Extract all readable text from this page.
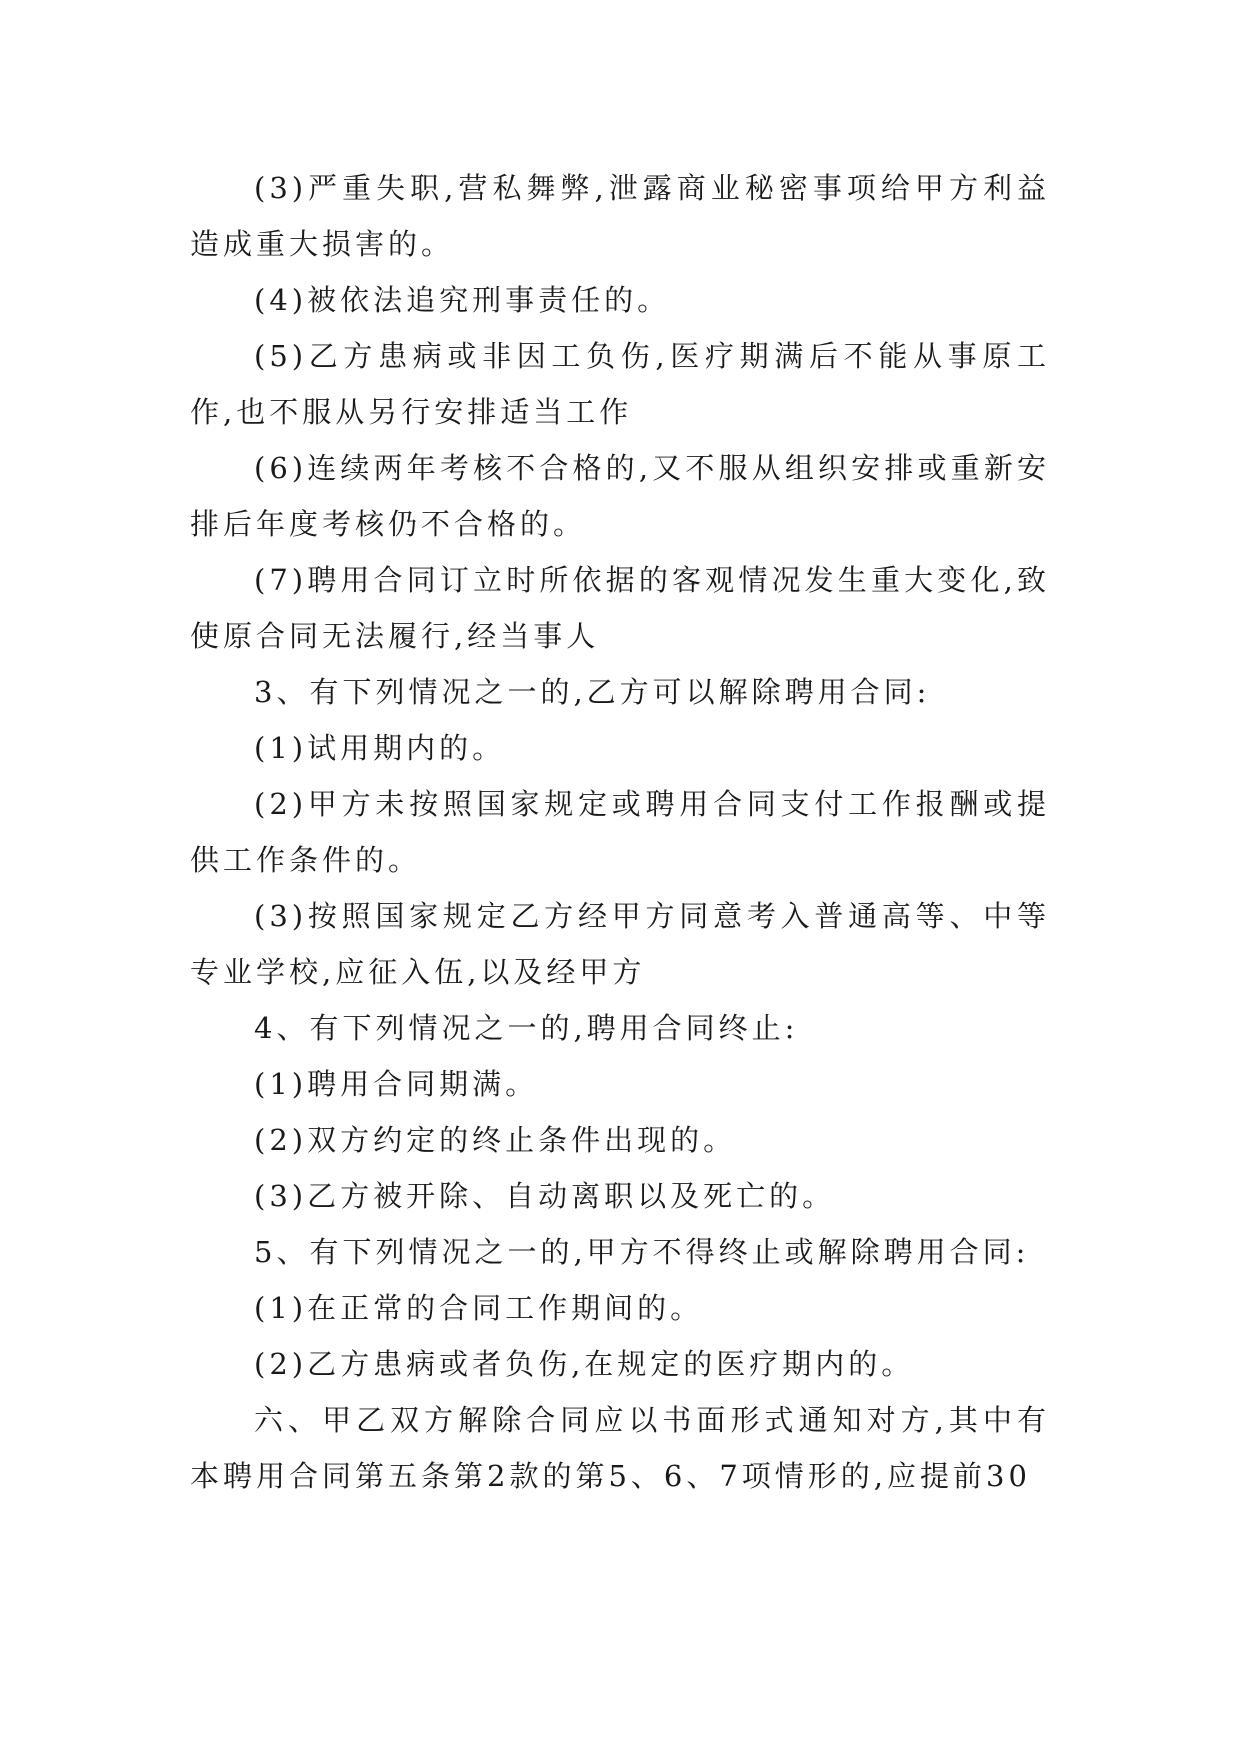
(3)严重失职,营私舞弊,泄露商业秘密事项给甲方利益造成重大损害的。

(4)被依法追究刑事责任的。

(5)乙方患病或非因工负伤,医疗期满后不能从事原工作,也不服从另行安排适当工作

(6)连续两年考核不合格的,又不服从组织安排或重新安排后年度考核仍不合格的。

(7)聘用合同订立时所依据的客观情况发生重大变化,致使原合同无法履行,经当事人

3、有下列情况之一的,乙方可以解除聘用合同:

(1)试用期内的。

(2)甲方未按照国家规定或聘用合同支付工作报酬或提供工作条件的。

(3)按照国家规定乙方经甲方同意考入普通高等、中等专业学校,应征入伍,以及经甲方

4、有下列情况之一的,聘用合同终止:

(1)聘用合同期满。

(2)双方约定的终止条件出现的。

(3)乙方被开除、自动离职以及死亡的。

5、有下列情况之一的,甲方不得终止或解除聘用合同:

(1)在正常的合同工作期间的。

(2)乙方患病或者负伤,在规定的医疗期内的。

六、甲乙双方解除合同应以书面形式通知对方,其中有本聘用合同第五条第2款的第5、6、7项情形的,应提前30
